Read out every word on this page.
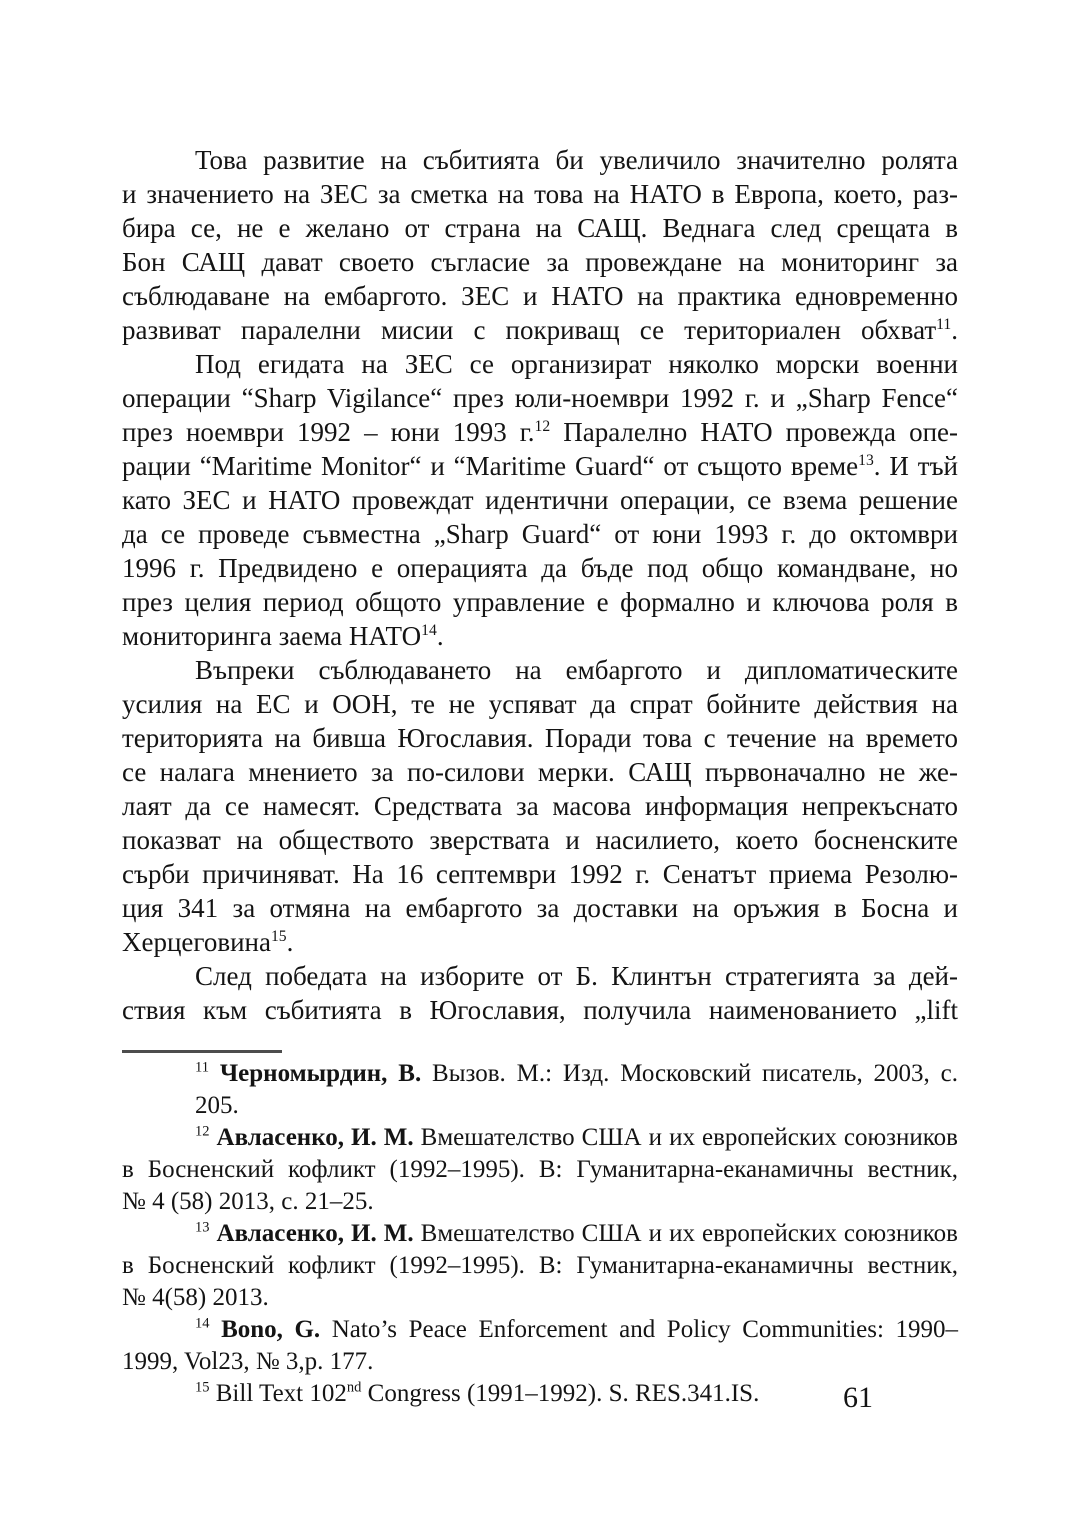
Това развитие на събитията би увеличило значително ролята
и значението на ЗЕС за сметка на това на НАТО в Европа, което, раз-
бира се, не е желано от страна на САЩ. Веднага след срещата в
Бон САЩ дават своето съгласие за провеждане на мониторинг за
съблюдаване на ембаргото. ЗЕС и НАТО на практика едновременно
развиват паралелни мисии с покриващ се териториален обхват$^{11}$.
Под егидата на ЗЕС се организират няколко морски военни
операции “Sharp Vigilance“ през юли-ноември 1992 г. и „Sharp Fence“
през ноември 1992 – юни 1993 г.$^{12}$ Паралелно НАТО провежда опе-
рации “Maritime Monitor“ и “Maritime Guard“ от същото време$^{13}$. И тъй
като ЗЕС и НАТО провеждат идентични операции, се взема решение
да се проведе съвместна „Sharp Guard“ от юни 1993 г. до октомври
1996 г. Предвидено е операцията да бъде под общо командване, но
през целия период общото управление е формално и ключова роля в
мониторинга заема НАТО$^{14}$.
Въпреки съблюдаването на ембаргото и дипломатическите
усилия на ЕС и ООН, те не успяват да спрат бойните действия на
територията на бивша Югославия. Поради това с течение на времето
се налага мнението за по-силови мерки. САЩ първоначално не же-
лаят да се намесят. Средствата за масова информация непрекъснато
показват на обществото зверствата и насилието, което босненските
сърби причиняват. На 16 септември 1992 г. Сенатът приема Резолю-
ция 341 за отмяна на ембаргото за доставки на оръжия в Босна и
Херцеговина$^{15}$.
След победата на изборите от Б. Клинтън стратегията за дей-
ствия към събитията в Югославия, получила наименованието „lift
$^{11}$ Черномырдин, В. Вызов. М.: Изд. Московский писатель, 2003, с. 205.
$^{12}$ Авласенко, И. М. Вмешателство США и их европейских союзников
в Босненский кофликт (1992–1995). В: Гуманитарна-еканамичны вестник,
№ 4 (58) 2013, с. 21–25.
$^{13}$ Авласенко, И. М. Вмешателство США и их европейских союзников
в Босненский кофликт (1992–1995). В: Гуманитарна-еканамичны вестник,
№ 4(58) 2013.
$^{14}$ Bono, G. Nato’s Peace Enforcement and Policy Communities: 1990–
1999, Vol23, № 3,p. 177.
$^{15}$ Bill Text 102nd Congress (1991–1992). S. RES.341.IS.	61
